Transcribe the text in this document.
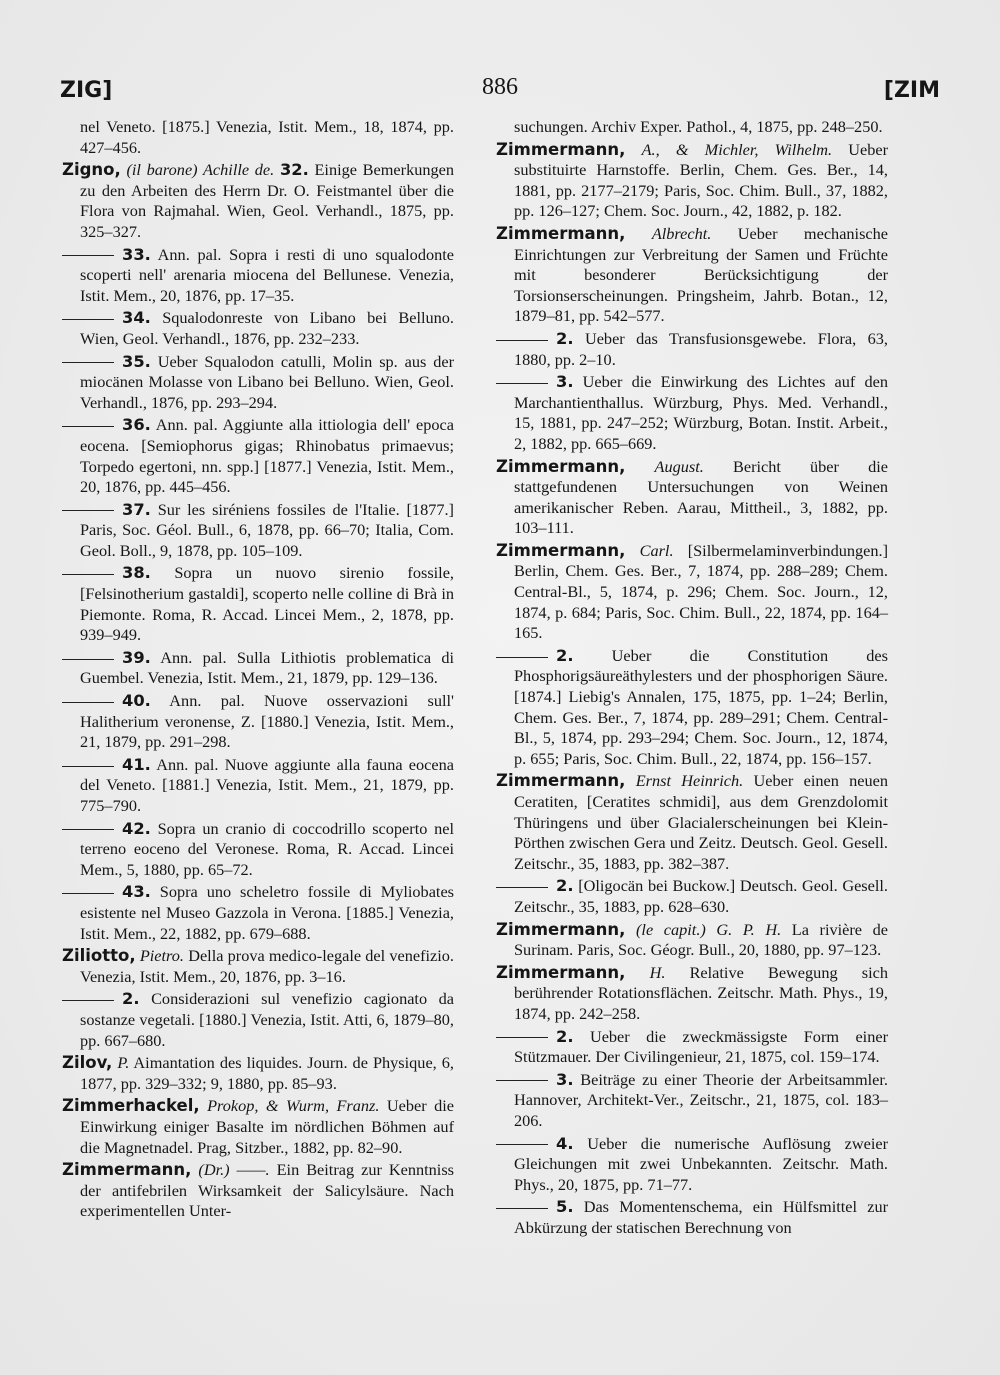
ZIG]	886	[ZIM

nel Veneto. [1875.] Venezia, Istit. Mem., 18, 1874, pp. 427–456.

Zigno, (il barone) Achille de. 32. Einige Bemerkungen zu den Arbeiten des Herrn Dr. O. Feistmantel über die Flora von Rajmahal. Wien, Geol. Verhandl., 1875, pp. 325–327.

33. Ann. pal. Sopra i resti di uno squalodonte scoperti nell' arenaria miocena del Bellunese. Venezia, Istit. Mem., 20, 1876, pp. 17–35.

34. Squalodonreste von Libano bei Belluno. Wien, Geol. Verhandl., 1876, pp. 232–233.

35. Ueber Squalodon catulli, Molin sp. aus der miocänen Molasse von Libano bei Belluno. Wien, Geol. Verhandl., 1876, pp. 293–294.

36. Ann. pal. Aggiunte alla ittiologia dell' epoca eocena. [Semiophorus gigas; Rhinobatus primaevus; Torpedo egertoni, nn. spp.] [1877.] Venezia, Istit. Mem., 20, 1876, pp. 445–456.

37. Sur les siréniens fossiles de l'Italie. [1877.] Paris, Soc. Géol. Bull., 6, 1878, pp. 66–70; Italia, Com. Geol. Boll., 9, 1878, pp. 105–109.

38. Sopra un nuovo sirenio fossile, [Felsinotherium gastaldi], scoperto nelle colline di Brà in Piemonte. Roma, R. Accad. Lincei Mem., 2, 1878, pp. 939–949.

39. Ann. pal. Sulla Lithiotis problematica di Guembel. Venezia, Istit. Mem., 21, 1879, pp. 129–136.

40. Ann. pal. Nuove osservazioni sull' Halitherium veronense, Z. [1880.] Venezia, Istit. Mem., 21, 1879, pp. 291–298.

41. Ann. pal. Nuove aggiunte alla fauna eocena del Veneto. [1881.] Venezia, Istit. Mem., 21, 1879, pp. 775–790.

42. Sopra un cranio di coccodrillo scoperto nel terreno eoceno del Veronese. Roma, R. Accad. Lincei Mem., 5, 1880, pp. 65–72.

43. Sopra uno scheletro fossile di Myliobates esistente nel Museo Gazzola in Verona. [1885.] Venezia, Istit. Mem., 22, 1882, pp. 679–688.

Ziliotto, Pietro. Della prova medico-legale del venefizio. Venezia, Istit. Mem., 20, 1876, pp. 3–16.

2. Considerazioni sul venefizio cagionato da sostanze vegetali. [1880.] Venezia, Istit. Atti, 6, 1879–80, pp. 667–680.

Zilov, P. Aimantation des liquides. Journ. de Physique, 6, 1877, pp. 329–332; 9, 1880, pp. 85–93.

Zimmerhackel, Prokop, & Wurm, Franz. Ueber die Einwirkung einiger Basalte im nördlichen Böhmen auf die Magnetnadel. Prag, Sitzber., 1882, pp. 82–90.

Zimmermann, (Dr.) ——. Ein Beitrag zur Kenntniss der antifebrilen Wirksamkeit der Salicylsäure. Nach experimentellen Unter-

suchungen. Archiv Exper. Pathol., 4, 1875, pp. 248–250.

Zimmermann, A., & Michler, Wilhelm. Ueber substituirte Harnstoffe. Berlin, Chem. Ges. Ber., 14, 1881, pp. 2177–2179; Paris, Soc. Chim. Bull., 37, 1882, pp. 126–127; Chem. Soc. Journ., 42, 1882, p. 182.

Zimmermann, Albrecht. Ueber mechanische Einrichtungen zur Verbreitung der Samen und Früchte mit besonderer Berücksichtigung der Torsionserscheinungen. Pringsheim, Jahrb. Botan., 12, 1879–81, pp. 542–577.

2. Ueber das Transfusionsgewebe. Flora, 63, 1880, pp. 2–10.

3. Ueber die Einwirkung des Lichtes auf den Marchantienthallus. Würzburg, Phys. Med. Verhandl., 15, 1881, pp. 247–252; Würzburg, Botan. Instit. Arbeit., 2, 1882, pp. 665–669.

Zimmermann, August. Bericht über die stattgefundenen Untersuchungen von Weinen amerikanischer Reben. Aarau, Mittheil., 3, 1882, pp. 103–111.

Zimmermann, Carl. [Silbermelaminverbindungen.] Berlin, Chem. Ges. Ber., 7, 1874, pp. 288–289; Chem. Central-Bl., 5, 1874, p. 296; Chem. Soc. Journ., 12, 1874, p. 684; Paris, Soc. Chim. Bull., 22, 1874, pp. 164–165.

2. Ueber die Constitution des Phosphorigsäureäthylesters und der phosphorigen Säure. [1874.] Liebig's Annalen, 175, 1875, pp. 1–24; Berlin, Chem. Ges. Ber., 7, 1874, pp. 289–291; Chem. Central-Bl., 5, 1874, pp. 293–294; Chem. Soc. Journ., 12, 1874, p. 655; Paris, Soc. Chim. Bull., 22, 1874, pp. 156–157.

Zimmermann, Ernst Heinrich. Ueber einen neuen Ceratiten, [Ceratites schmidi], aus dem Grenzdolomit Thüringens und über Glacialerscheinungen bei Klein-Pörthen zwischen Gera und Zeitz. Deutsch. Geol. Gesell. Zeitschr., 35, 1883, pp. 382–387.

2. [Oligocän bei Buckow.] Deutsch. Geol. Gesell. Zeitschr., 35, 1883, pp. 628–630.

Zimmermann, (le capit.) G. P. H. La rivière de Surinam. Paris, Soc. Géogr. Bull., 20, 1880, pp. 97–123.

Zimmermann, H. Relative Bewegung sich berührender Rotationsflächen. Zeitschr. Math. Phys., 19, 1874, pp. 242–258.

2. Ueber die zweckmässigste Form einer Stützmauer. Der Civilingenieur, 21, 1875, col. 159–174.

3. Beiträge zu einer Theorie der Arbeitsammler. Hannover, Architekt-Ver., Zeitschr., 21, 1875, col. 183–206.

4. Ueber die numerische Auflösung zweier Gleichungen mit zwei Unbekannten. Zeitschr. Math. Phys., 20, 1875, pp. 71–77.

5. Das Momentenschema, ein Hülfsmittel zur Abkürzung der statischen Berechnung von
